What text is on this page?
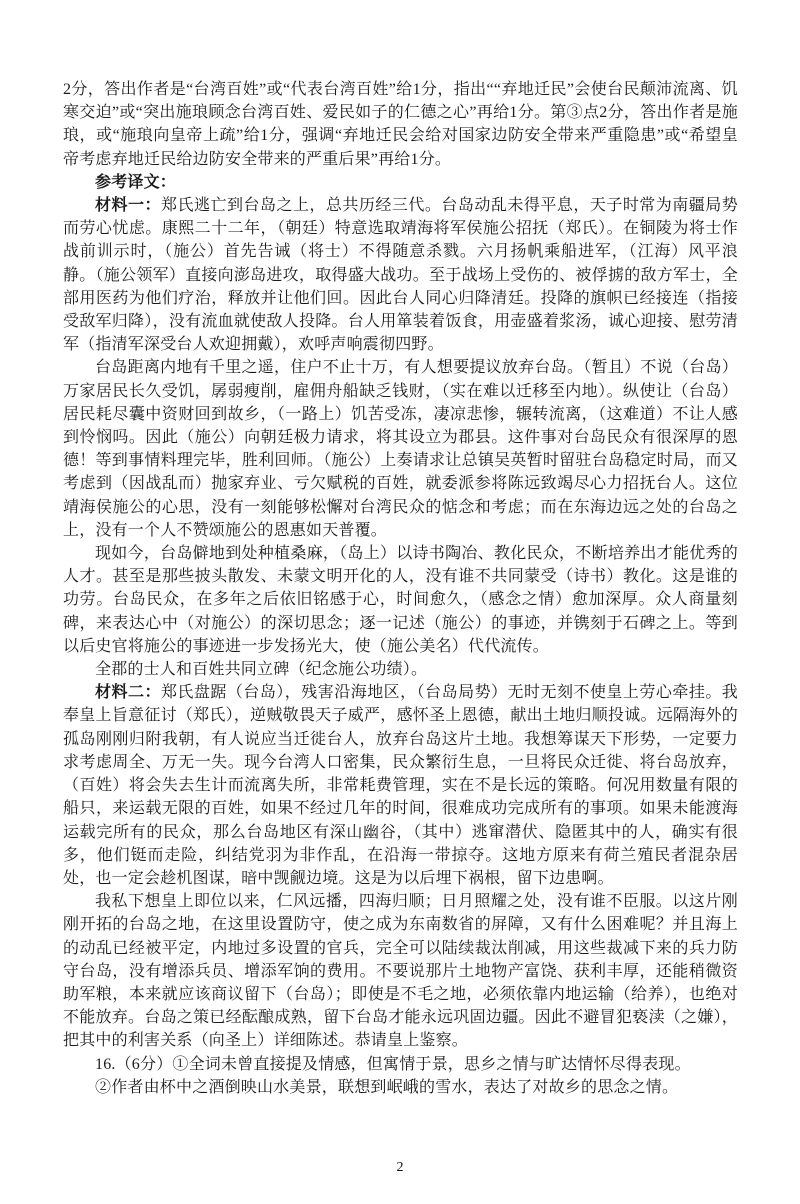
2分，答出作者是“台湾百姓”或“代表台湾百姓”给1分，指出““弃地迁民”会使台民颠沛流离、饥寒交迫”或“突出施琅顾念台湾百姓、爱民如子的仁德之心”再给1分。第③点2分，答出作者是施琅，或“施琅向皇帝上疏”给1分，强调“弃地迁民会给对国家边防安全带来严重隐患”或“希望皇帝考虑弃地迁民给边防安全带来的严重后果”再给1分。

参考译文：

材料一：郑氏逃亡到台岛之上，总共历经三代。台岛动乱未得平息，天子时常为南疆局势而劳心忧虑。康熙二十二年，（朝廷）特意选取靖海将军侯施公招抚（郑氏）。在铜陵为将士作战前训示时，（施公）首先告诫（将士）不得随意杀戮。六月扬帆乘船进军，（江海）风平浪静。（施公领军）直接向澎岛进攻，取得盛大战功。至于战场上受伤的、被俘掳的敌方军士，全部用医药为他们疗治，释放并让他们回。因此台人同心归降清廷。投降的旗帜已经接连（指接受敌军归降），没有流血就使敌人投降。台人用箪装着饭食，用壶盛着浆汤，诚心迎接、慰劳清军（指清军深受台人欢迎拥戴），欢呼声响震彻四野。

台岛距离内地有千里之遥，住户不止十万，有人想要提议放弃台岛。（暂且）不说（台岛）万家居民长久受饥，孱弱瘦削，雇佣舟船缺乏钱财，（实在难以迁移至内地）。纵使让（台岛）居民耗尽囊中资财回到故乡，（一路上）饥苦受冻，凄凉悲惨，辗转流离，（这难道）不让人感到怜悯吗。因此（施公）向朝廷极力请求，将其设立为郡县。这件事对台岛民众有很深厚的恩德！等到事情料理完毕，胜利回师。（施公）上奏请求让总镇吴英暂时留驻台岛稳定时局，而又考虑到（因战乱而）抛家弃业、亏欠赋税的百姓，就委派参将陈远致竭尽心力招抚台人。这位靖海侯施公的心思，没有一刻能够松懈对台湾民众的惦念和考虑；而在东海边远之处的台岛之上，没有一个人不赞颂施公的恩惠如天普覆。

现如今，台岛僻地到处种植桑麻，（岛上）以诗书陶冶、教化民众，不断培养出才能优秀的人才。甚至是那些披头散发、未蒙文明开化的人，没有谁不共同蒙受（诗书）教化。这是谁的功劳。台岛民众，在多年之后依旧铭感于心，时间愈久，（感念之情）愈加深厚。众人商量刻碑，来表达心中（对施公）的深切思念；逐一记述（施公）的事迹，并镌刻于石碑之上。等到以后史官将施公的事迹进一步发扬光大，使（施公美名）代代流传。

全郡的士人和百姓共同立碑（纪念施公功绩）。

材料二：郑氏盘踞（台岛），残害沿海地区，（台岛局势）无时无刻不使皇上劳心牵挂。我奉皇上旨意征讨（郑氏），逆贼敬畏天子威严，感怀圣上恩德，献出土地归顺投诚。远隔海外的孤岛刚刚归附我朝，有人说应当迁徙台人，放弃台岛这片土地。我想筹谋天下形势，一定要力求考虑周全、万无一失。现今台湾人口密集，民众繁衍生息，一旦将民众迁徙、将台岛放弃，（百姓）将会失去生计而流离失所，非常耗费管理，实在不是长远的策略。何况用数量有限的船只，来运载无限的百姓，如果不经过几年的时间，很难成功完成所有的事项。如果未能渡海运载完所有的民众，那么台岛地区有深山幽谷，（其中）逃窜潜伏、隐匿其中的人，确实有很多，他们铤而走险，纠结党羽为非作乱，在沿海一带掠夺。这地方原来有荷兰殖民者混杂居处，也一定会趁机图谋，暗中觊觎边境。这是为以后埋下祸根，留下边患啊。

我私下想皇上即位以来，仁风远播，四海归顺；日月照耀之处，没有谁不臣服。以这片刚刚开拓的台岛之地，在这里设置防守，使之成为东南数省的屏障，又有什么困难呢？并且海上的动乱已经被平定，内地过多设置的官兵，完全可以陆续裁汰削减，用这些裁减下来的兵力防守台岛，没有增添兵员、增添军饷的费用。不要说那片土地物产富饶、获利丰厚，还能稍微资助军粮，本来就应该商议留下（台岛）；即使是不毛之地，必须依靠内地运输（给养），也绝对不能放弃。台岛之策已经酝酿成熟，留下台岛才能永远巩固边疆。因此不避冒犯亵渎（之嫌），把其中的利害关系（向圣上）详细陈述。恭请皇上鉴察。

16.（6分）①全词未曾直接提及情感，但寓情于景，思乡之情与旷达情怀尽得表现。

②作者由杯中之酒倒映山水美景，联想到岷峨的雪水，表达了对故乡的思念之情。

2
